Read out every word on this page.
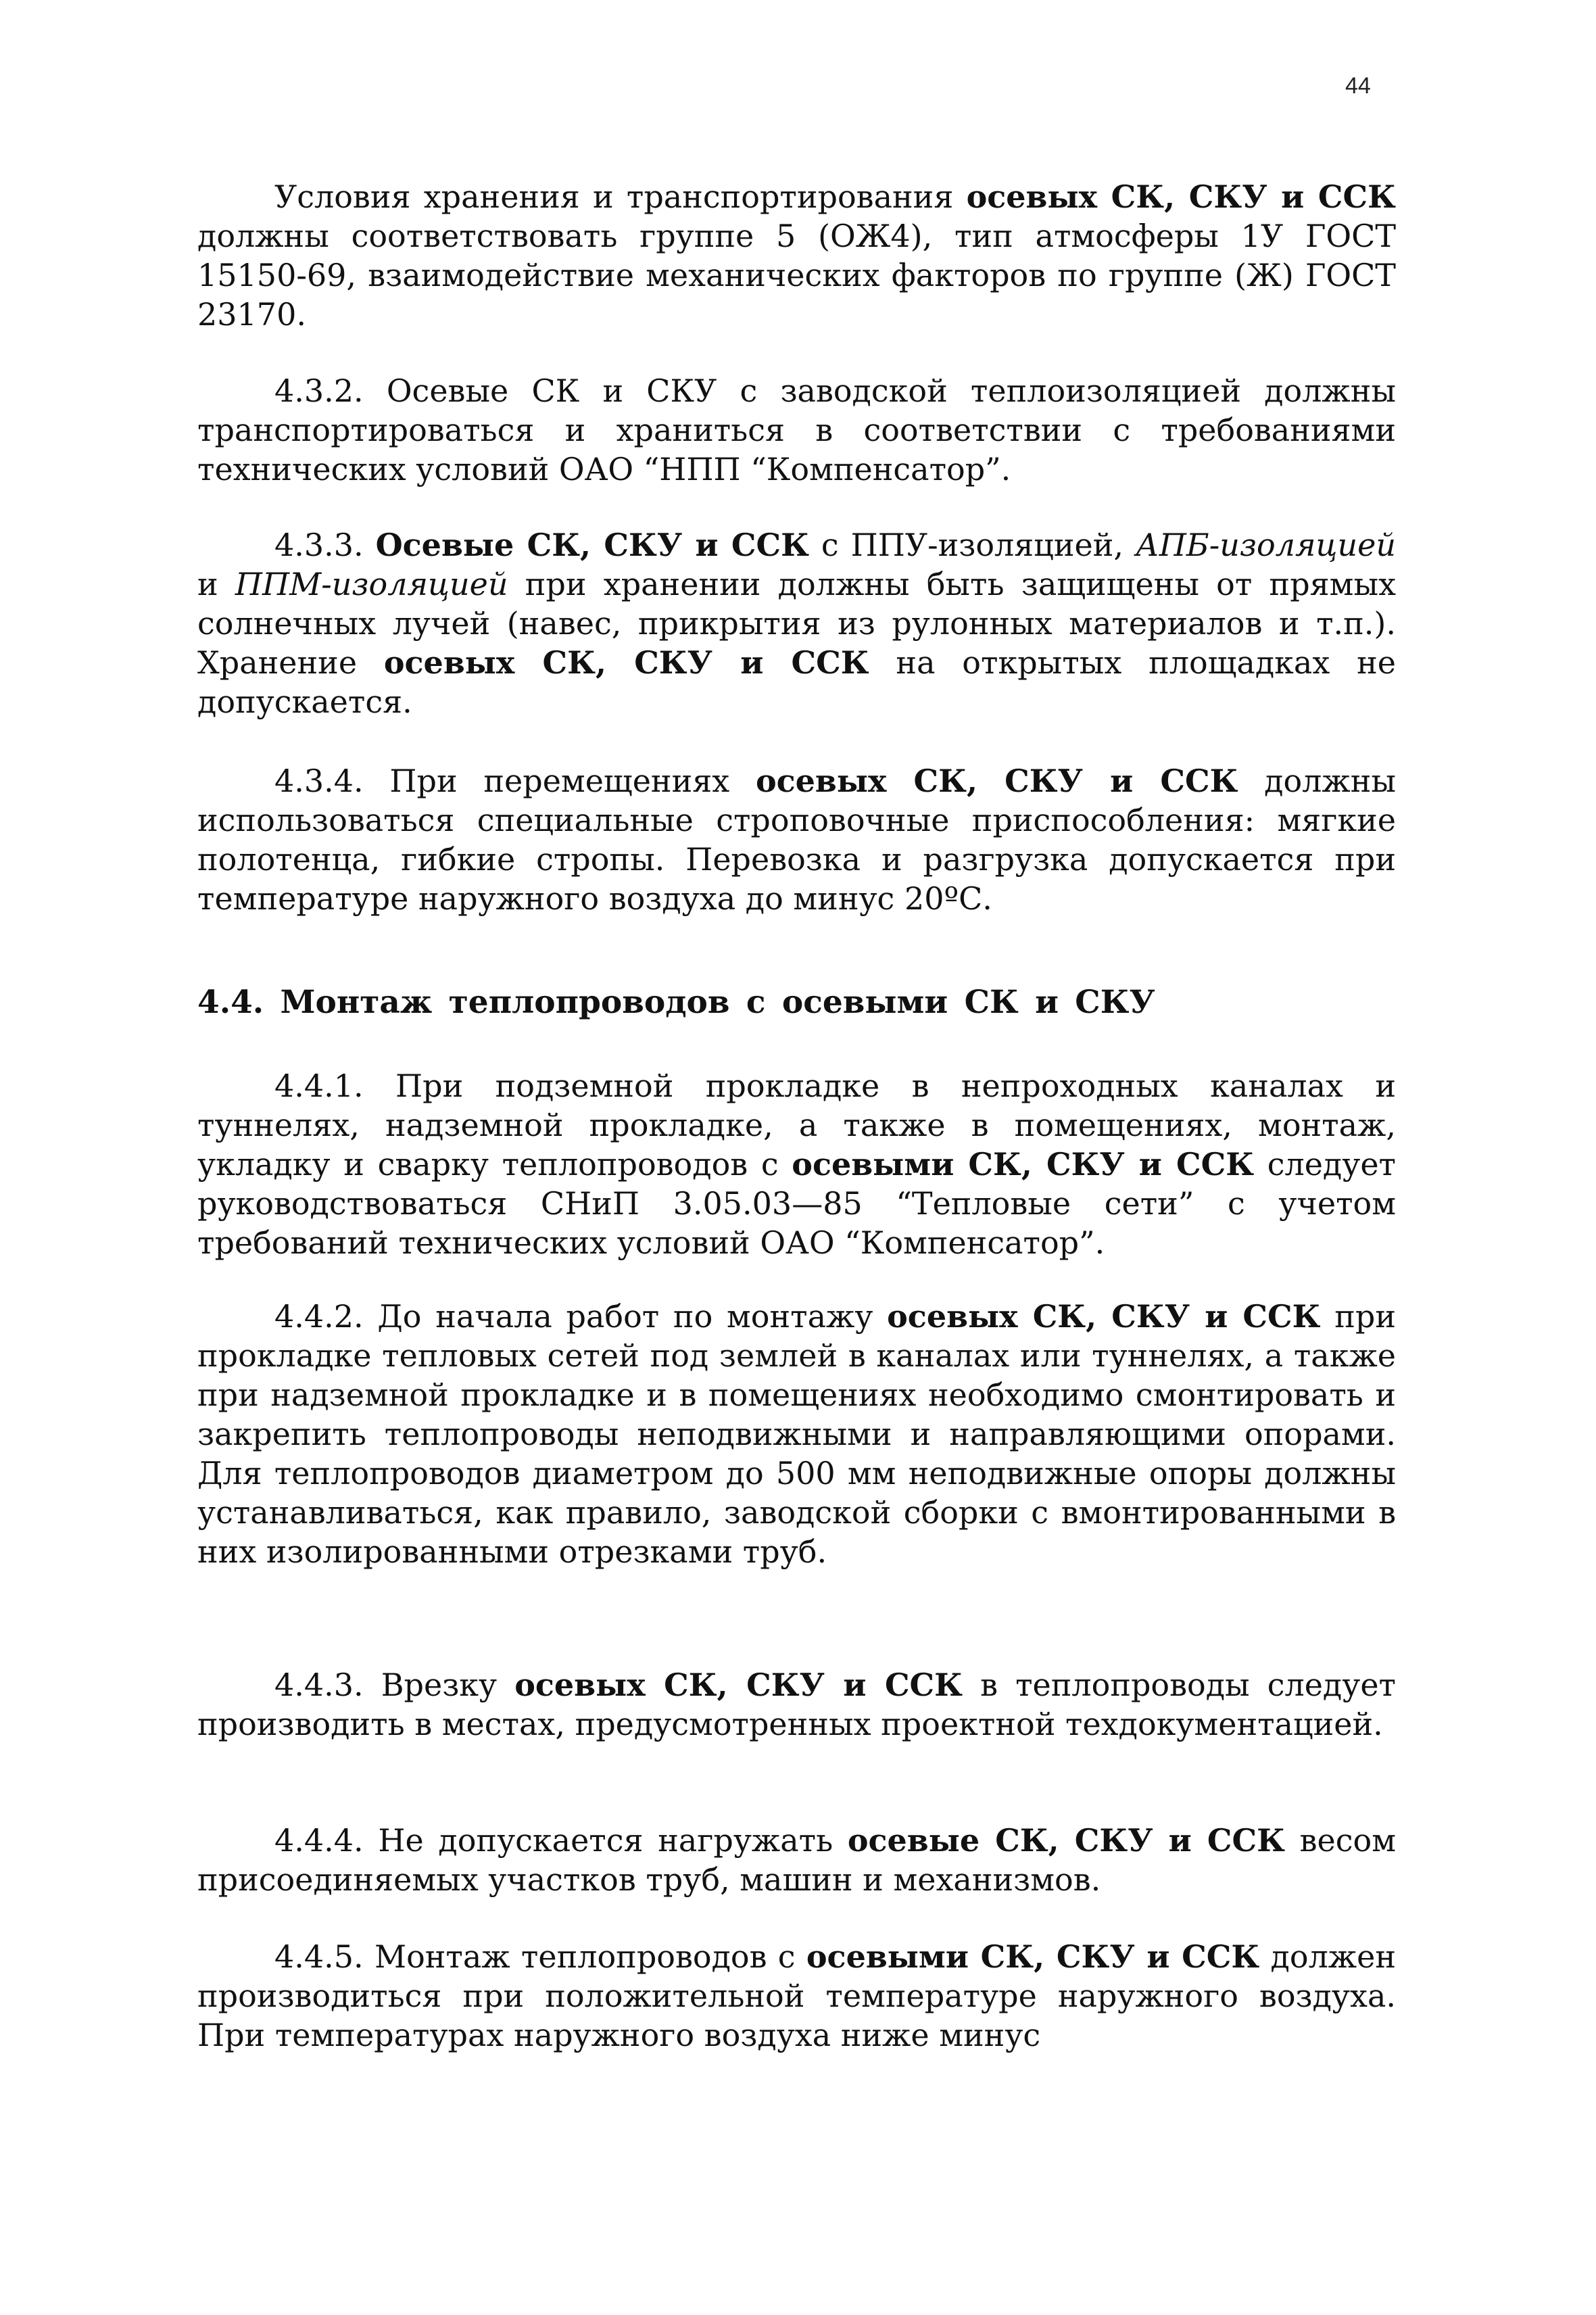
44

Условия хранения и транспортирования осевых СК, СКУ и ССК должны соответствовать группе 5 (ОЖ4), тип атмосферы 1У ГОСТ 15150-69, взаимодействие механических факторов по группе (Ж) ГОСТ 23170.

4.3.2. Осевые СК и СКУ с заводской теплоизоляцией должны транспортироваться и храниться в соответствии с требованиями технических условий ОАО “НПП “Компенсатор”.

4.3.3. Осевые СК, СКУ и ССК с ППУ-изоляцией, АПБ-изоляцией и ППМ-изоляцией при хранении должны быть защищены от прямых солнечных лучей (навес, прикрытия из рулонных материалов и т.п.). Хранение осевых СК, СКУ и ССК на открытых площадках не допускается.

4.3.4. При перемещениях осевых СК, СКУ и ССК должны использоваться специальные строповочные приспособления: мягкие полотенца, гибкие стропы. Перевозка и разгрузка допускается при температуре наружного воздуха до минус 20ºС.

4.4. Монтаж теплопроводов с осевыми СК и СКУ

4.4.1. При подземной прокладке в непроходных каналах и туннелях, надземной прокладке, а также в помещениях, монтаж, укладку и сварку теплопроводов с осевыми СК, СКУ и ССК следует руководствоваться СНиП 3.05.03—85 “Тепловые сети” с учетом требований технических условий ОАО “Компенсатор”.

4.4.2. До начала работ по монтажу осевых СК, СКУ и ССК при прокладке тепловых сетей под землей в каналах или туннелях, а также при надземной прокладке и в помещениях необходимо смонтировать и закрепить теплопроводы неподвижными и направляющими опорами. Для теплопроводов диаметром до 500 мм неподвижные опоры должны устанавливаться, как правило, заводской сборки с вмонтированными в них изолированными отрезками труб.

4.4.3. Врезку осевых СК, СКУ и ССК в теплопроводы следует производить в местах, предусмотренных проектной техдокументацией.

4.4.4. Не допускается нагружать осевые СК, СКУ и ССК весом присоединяемых участков труб, машин и механизмов.

4.4.5. Монтаж теплопроводов с осевыми СК, СКУ и ССК должен производиться при положительной температуре наружного воздуха. При температурах наружного воздуха ниже минус
